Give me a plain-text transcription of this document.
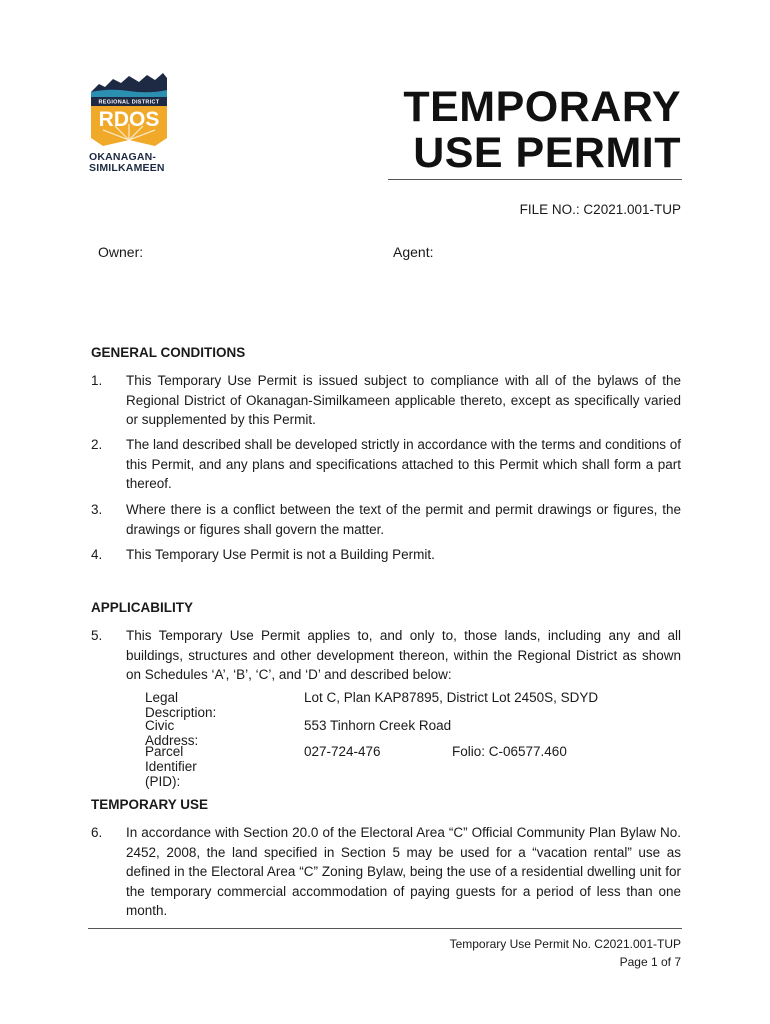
REGIONAL DISTRICT
RDOS
OKANAGAN-
SIMILKAMEEN
TEMPORARY
USE PERMIT
FILE NO.: C2021.001-TUP
Owner:	Agent:
GENERAL CONDITIONS
1. This Temporary Use Permit is issued subject to compliance with all of the bylaws of the Regional District of Okanagan-Similkameen applicable thereto, except as specifically varied or supplemented by this Permit.
2. The land described shall be developed strictly in accordance with the terms and conditions of this Permit, and any plans and specifications attached to this Permit which shall form a part thereof.
3. Where there is a conflict between the text of the permit and permit drawings or figures, the drawings or figures shall govern the matter.
4. This Temporary Use Permit is not a Building Permit.
APPLICABILITY
5. This Temporary Use Permit applies to, and only to, those lands, including any and all buildings, structures and other development thereon, within the Regional District as shown on Schedules ‘A’, ‘B’, ‘C’, and ‘D’ and described below:
Legal Description:
Lot C, Plan KAP87895, District Lot 2450S, SDYD
Civic Address:
553 Tinhorn Creek Road
Parcel Identifier (PID):
027-724-476	Folio: C-06577.460
TEMPORARY USE
6. In accordance with Section 20.0 of the Electoral Area “C” Official Community Plan Bylaw No. 2452, 2008, the land specified in Section 5 may be used for a “vacation rental” use as defined in the Electoral Area “C” Zoning Bylaw, being the use of a residential dwelling unit for the temporary commercial accommodation of paying guests for a period of less than one month.
Temporary Use Permit No. C2021.001-TUP
Page 1 of 7
